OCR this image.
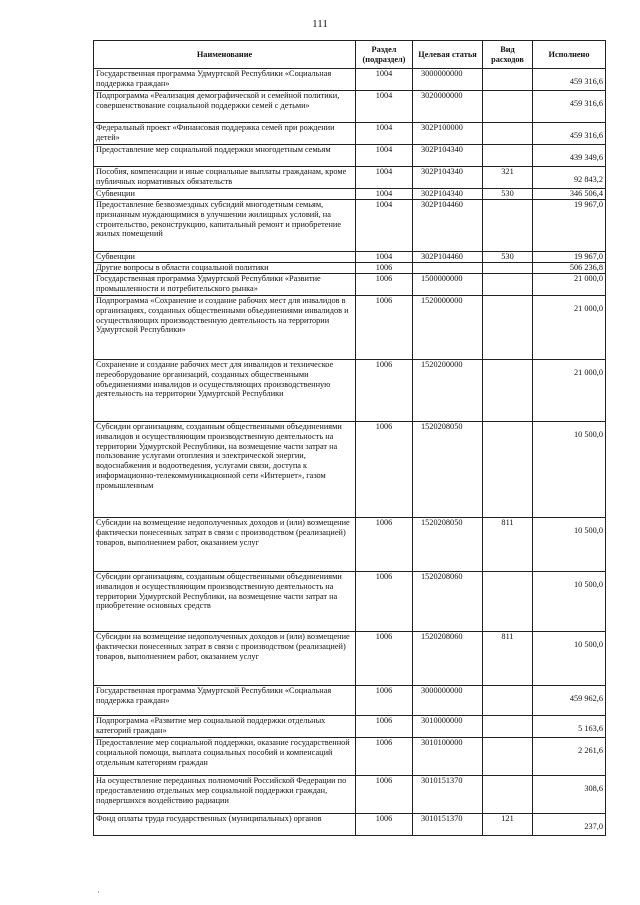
111
Наименование	Раздел (подраздел)	Целевая статья	Вид расходов	Исполнено
Государственная программа Удмуртской Республики «Социальная поддержка граждан»	1004	3000000000		459 316,6
Подпрограмма «Реализация демографической и семейной политики, совершенствование социальной поддержки семей с детьми»	1004	3020000000		459 316,6
Федеральный проект «Финансовая поддержка семей при рождении детей»	1004	302P100000		459 316,6
Предоставление мер социальной поддержки многодетным семьям	1004	302P104340		439 349,6
Пособия, компенсации и иные социальные выплаты гражданам, кроме публичных нормативных обязательств	1004	302P104340	321	92 843,2
Субвенции	1004	302P104340	530	346 506,4
Предоставление безвозмездных субсидий многодетным семьям, признанным нуждающимися в улучшении жилищных условий, на строительство, реконструкцию, капитальный ремонт и приобретение жилых помещений	1004	302P104460		19 967,0
Субвенции	1004	302P104460	530	19 967,0
Другие вопросы в области социальной политики	1006			506 236,8
Государственная программа Удмуртской Республики «Развитие промышленности и потребительского рынка»	1006	1500000000		21 000,0
Подпрограмма «Сохранение и создание рабочих мест для инвалидов в организациях, созданных общественными объединениями инвалидов и осуществляющих производственную деятельность на территории Удмуртской Республики»	1006	1520000000		21 000,0
Сохранение и создание рабочих мест для инвалидов и техническое переоборудование организаций, созданных общественными объединениями инвалидов и осуществляющих производственную деятельность на территории Удмуртской Республики	1006	1520200000		21 000,0
Субсидии организациям, созданным общественными объединениями инвалидов и осуществляющим производственную деятельность на территории Удмуртской Республики, на возмещение части затрат на пользование услугами отопления и электрической энергии, водоснабжения и водоотведения, услугами связи, доступа к информационно-телекоммуникационной сети «Интернет», газом промышленным	1006	1520208050		10 500,0
Субсидии на возмещение недополученных доходов и (или) возмещение фактически понесенных затрат в связи с производством (реализацией) товаров, выполнением работ, оказанием услуг	1006	1520208050	811	10 500,0
Субсидии организациям, созданным общественными объединениями инвалидов и осуществляющим производственную деятельность на территории Удмуртской Республики, на возмещение части затрат на приобретение основных средств	1006	1520208060		10 500,0
Субсидии на возмещение недополученных доходов и (или) возмещение фактически понесенных затрат в связи с производством (реализацией) товаров, выполнением работ, оказанием услуг	1006	1520208060	811	10 500,0
Государственная программа Удмуртской Республики «Социальная поддержка граждан»	1006	3000000000		459 962,6
Подпрограмма «Развитие мер социальной поддержки отдельных категорий граждан»	1006	3010000000		5 163,6
Предоставление мер социальной поддержки, оказание государственной социальной помощи, выплата социальных пособий и компенсаций отдельным категориям граждан	1006	3010100000		2 261,6
На осуществление переданных полномочий Российской Федерации по предоставлению отдельных мер социальной поддержки граждан, подвергшихся воздействию радиации	1006	3010151370		308,6
Фонд оплаты труда государственных (муниципальных) органов	1006	3010151370	121	237,0
·
